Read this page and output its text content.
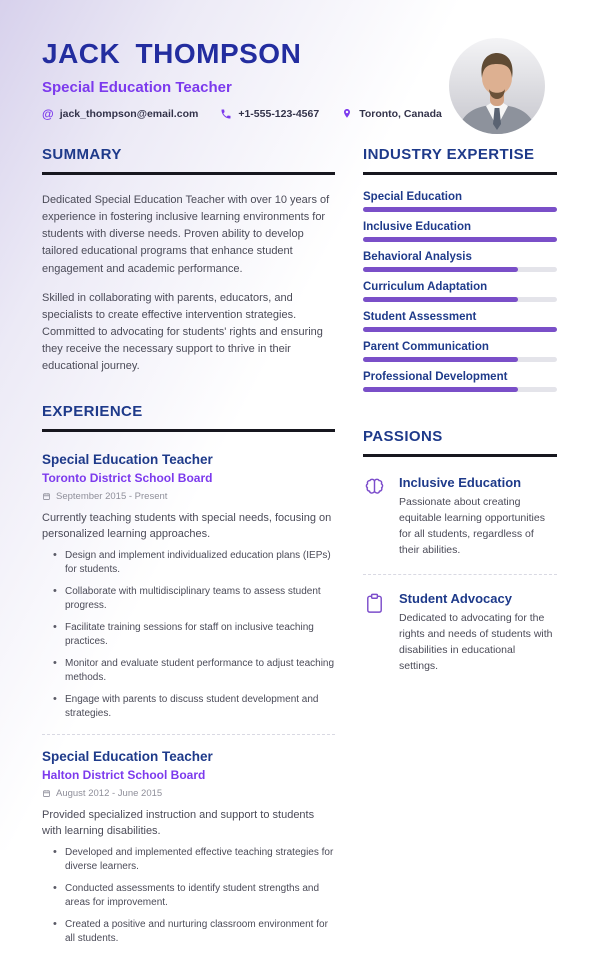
JACK THOMPSON
Special Education Teacher
@ jack_thompson@email.com	+1-555-123-4567	Toronto, Canada
SUMMARY

Dedicated Special Education Teacher with over 10 years of experience in fostering inclusive learning environments for students with diverse needs. Proven ability to develop tailored educational programs that enhance student engagement and academic performance.

Skilled in collaborating with parents, educators, and specialists to create effective intervention strategies. Committed to advocating for students' rights and ensuring they receive the necessary support to thrive in their educational journey.

EXPERIENCE
Special Education Teacher
Toronto District School Board
September 2015 - Present
Currently teaching students with special needs, focusing on personalized learning approaches.
• Design and implement individualized education plans (IEPs) for students.
• Collaborate with multidisciplinary teams to assess student progress.
• Facilitate training sessions for staff on inclusive teaching practices.
• Monitor and evaluate student performance to adjust teaching methods.
• Engage with parents to discuss student development and strategies.
Special Education Teacher
Halton District School Board
August 2012 - June 2015
Provided specialized instruction and support to students with learning disabilities.
• Developed and implemented effective teaching strategies for diverse learners.
• Conducted assessments to identify student strengths and areas for improvement.
• Created a positive and nurturing classroom environment for all students.
INDUSTRY EXPERTISE
Special Education
Inclusive Education
Behavioral Analysis
Curriculum Adaptation
Student Assessment
Parent Communication
Professional Development
PASSIONS
Inclusive Education
Passionate about creating equitable learning opportunities for all students, regardless of their abilities.
Student Advocacy
Dedicated to advocating for the rights and needs of students with disabilities in educational settings.
